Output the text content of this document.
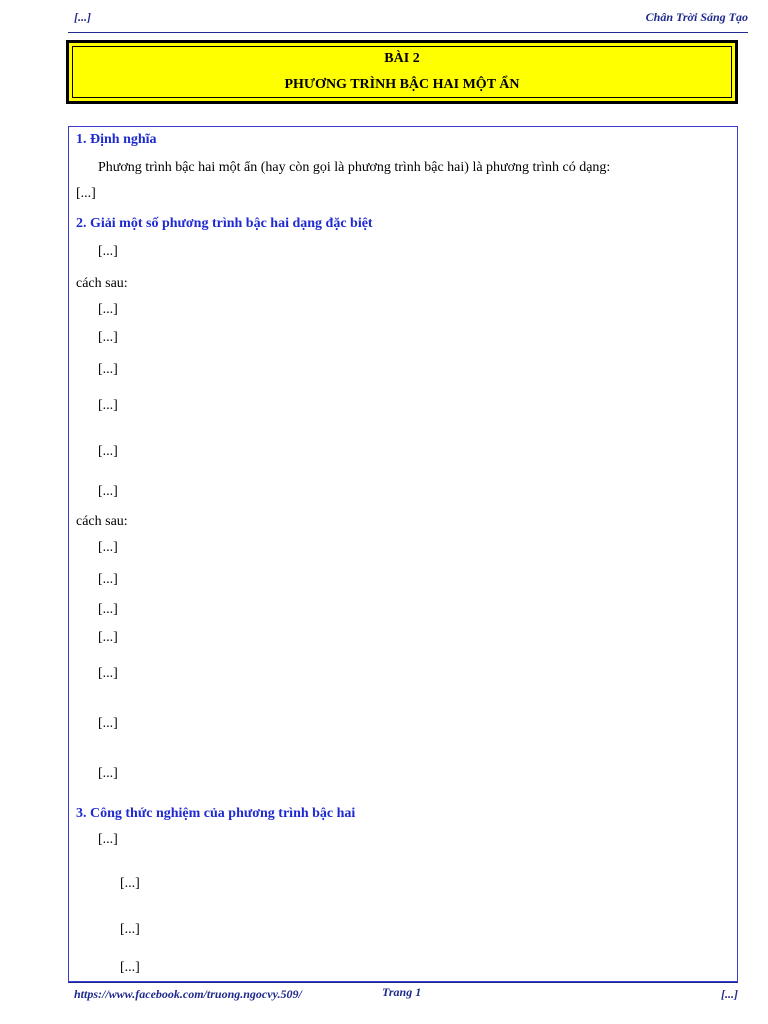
[...]	Chân Trời Sáng Tạo
BÀI 2
PHƯƠNG TRÌNH BẬC HAI MỘT ẨN
1. Định nghĩa
Phương trình bậc hai một ẩn (hay còn gọi là phương trình bậc hai) là phương trình có dạng:
[...]
2. Giải một số phương trình bậc hai dạng đặc biệt
[...]
cách sau:
[...]
[...]
[...]
[...]
[...]
[...]
cách sau:
[...]
[...]
[...]
[...]
[...]
[...]
[...]
3. Công thức nghiệm của phương trình bậc hai
[...]
[...]
[...]
[...]
https://www.facebook.com/truong.ngocvy.509/	Trang 1	[...]
